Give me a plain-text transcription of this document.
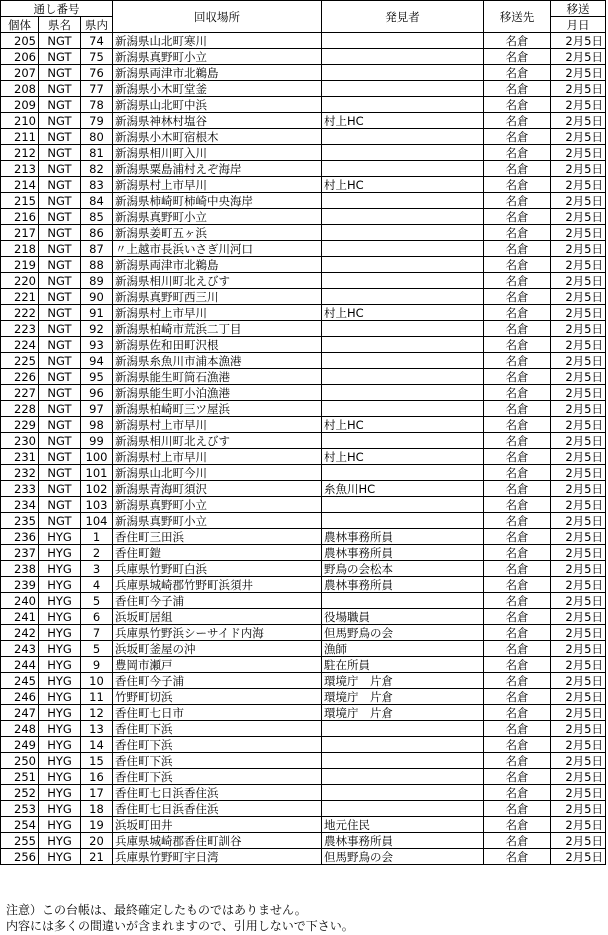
通し番号			回収場所	発見者	移送先	移送
個体	県名	県内				月日
205	NGT	74	新潟県山北町寒川		名倉	2月5日
206	NGT	75	新潟県真野町小立		名倉	2月5日
207	NGT	76	新潟県両津市北鵜島		名倉	2月5日
208	NGT	77	新潟県小木町堂釜		名倉	2月5日
209	NGT	78	新潟県山北町中浜		名倉	2月5日
210	NGT	79	新潟県神林村塩谷	村上HC	名倉	2月5日
211	NGT	80	新潟県小木町宿根木		名倉	2月5日
212	NGT	81	新潟県相川町入川		名倉	2月5日
213	NGT	82	新潟県粟島浦村えぞ海岸		名倉	2月5日
214	NGT	83	新潟県村上市早川	村上HC	名倉	2月5日
215	NGT	84	新潟県柿崎町柿崎中央海岸		名倉	2月5日
216	NGT	85	新潟県真野町小立		名倉	2月5日
217	NGT	86	新潟県姜町五ヶ浜		名倉	2月5日
218	NGT	87	〃上越市長浜いさぎ川河口		名倉	2月5日
219	NGT	88	新潟県両津市北鵜島		名倉	2月5日
220	NGT	89	新潟県相川町北えびす		名倉	2月5日
221	NGT	90	新潟県真野町西三川		名倉	2月5日
222	NGT	91	新潟県村上市早川	村上HC	名倉	2月5日
223	NGT	92	新潟県柏崎市荒浜二丁目		名倉	2月5日
224	NGT	93	新潟県佐和田町沢根		名倉	2月5日
225	NGT	94	新潟県糸魚川市浦本漁港		名倉	2月5日
226	NGT	95	新潟県能生町筒石漁港		名倉	2月5日
227	NGT	96	新潟県能生町小泊漁港		名倉	2月5日
228	NGT	97	新潟県柏崎町三ツ屋浜		名倉	2月5日
229	NGT	98	新潟県村上市早川	村上HC	名倉	2月5日
230	NGT	99	新潟県相川町北えびす		名倉	2月5日
231	NGT	100	新潟県村上市早川	村上HC	名倉	2月5日
232	NGT	101	新潟県山北町今川		名倉	2月5日
233	NGT	102	新潟県青海町須沢	糸魚川HC	名倉	2月5日
234	NGT	103	新潟県真野町小立		名倉	2月5日
235	NGT	104	新潟県真野町小立		名倉	2月5日
236	HYG	1	香住町三田浜	農林事務所員	名倉	2月5日
237	HYG	2	香住町鎧	農林事務所員	名倉	2月5日
238	HYG	3	兵庫県竹野町白浜	野鳥の会松本	名倉	2月5日
239	HYG	4	兵庫県城崎郡竹野町浜須井	農林事務所員	名倉	2月5日
240	HYG	5	香住町今子浦		名倉	2月5日
241	HYG	6	浜坂町居組	役場職員	名倉	2月5日
242	HYG	7	兵庫県竹野浜シーサイド内海	但馬野鳥の会	名倉	2月5日
243	HYG	5	浜坂町釜屋の沖	漁師	名倉	2月5日
244	HYG	9	豊岡市瀬戸	駐在所員	名倉	2月5日
245	HYG	10	香住町今子浦	環境庁　片倉	名倉	2月5日
246	HYG	11	竹野町切浜	環境庁　片倉	名倉	2月5日
247	HYG	12	香住町七日市	環境庁　片倉	名倉	2月5日
248	HYG	13	香住町下浜		名倉	2月5日
249	HYG	14	香住町下浜		名倉	2月5日
250	HYG	15	香住町下浜		名倉	2月5日
251	HYG	16	香住町下浜		名倉	2月5日
252	HYG	17	香住町七日浜香住浜		名倉	2月5日
253	HYG	18	香住町七日浜香住浜		名倉	2月5日
254	HYG	19	浜坂町田井	地元住民	名倉	2月5日
255	HYG	20	兵庫県城崎郡香住町訓谷	農林事務所員	名倉	2月5日
256	HYG	21	兵庫県竹野町宇日湾	但馬野鳥の会	名倉	2月5日
注意）この台帳は、最終確定したものではありません。
内容には多くの間違いが含まれますので、引用しないで下さい。
